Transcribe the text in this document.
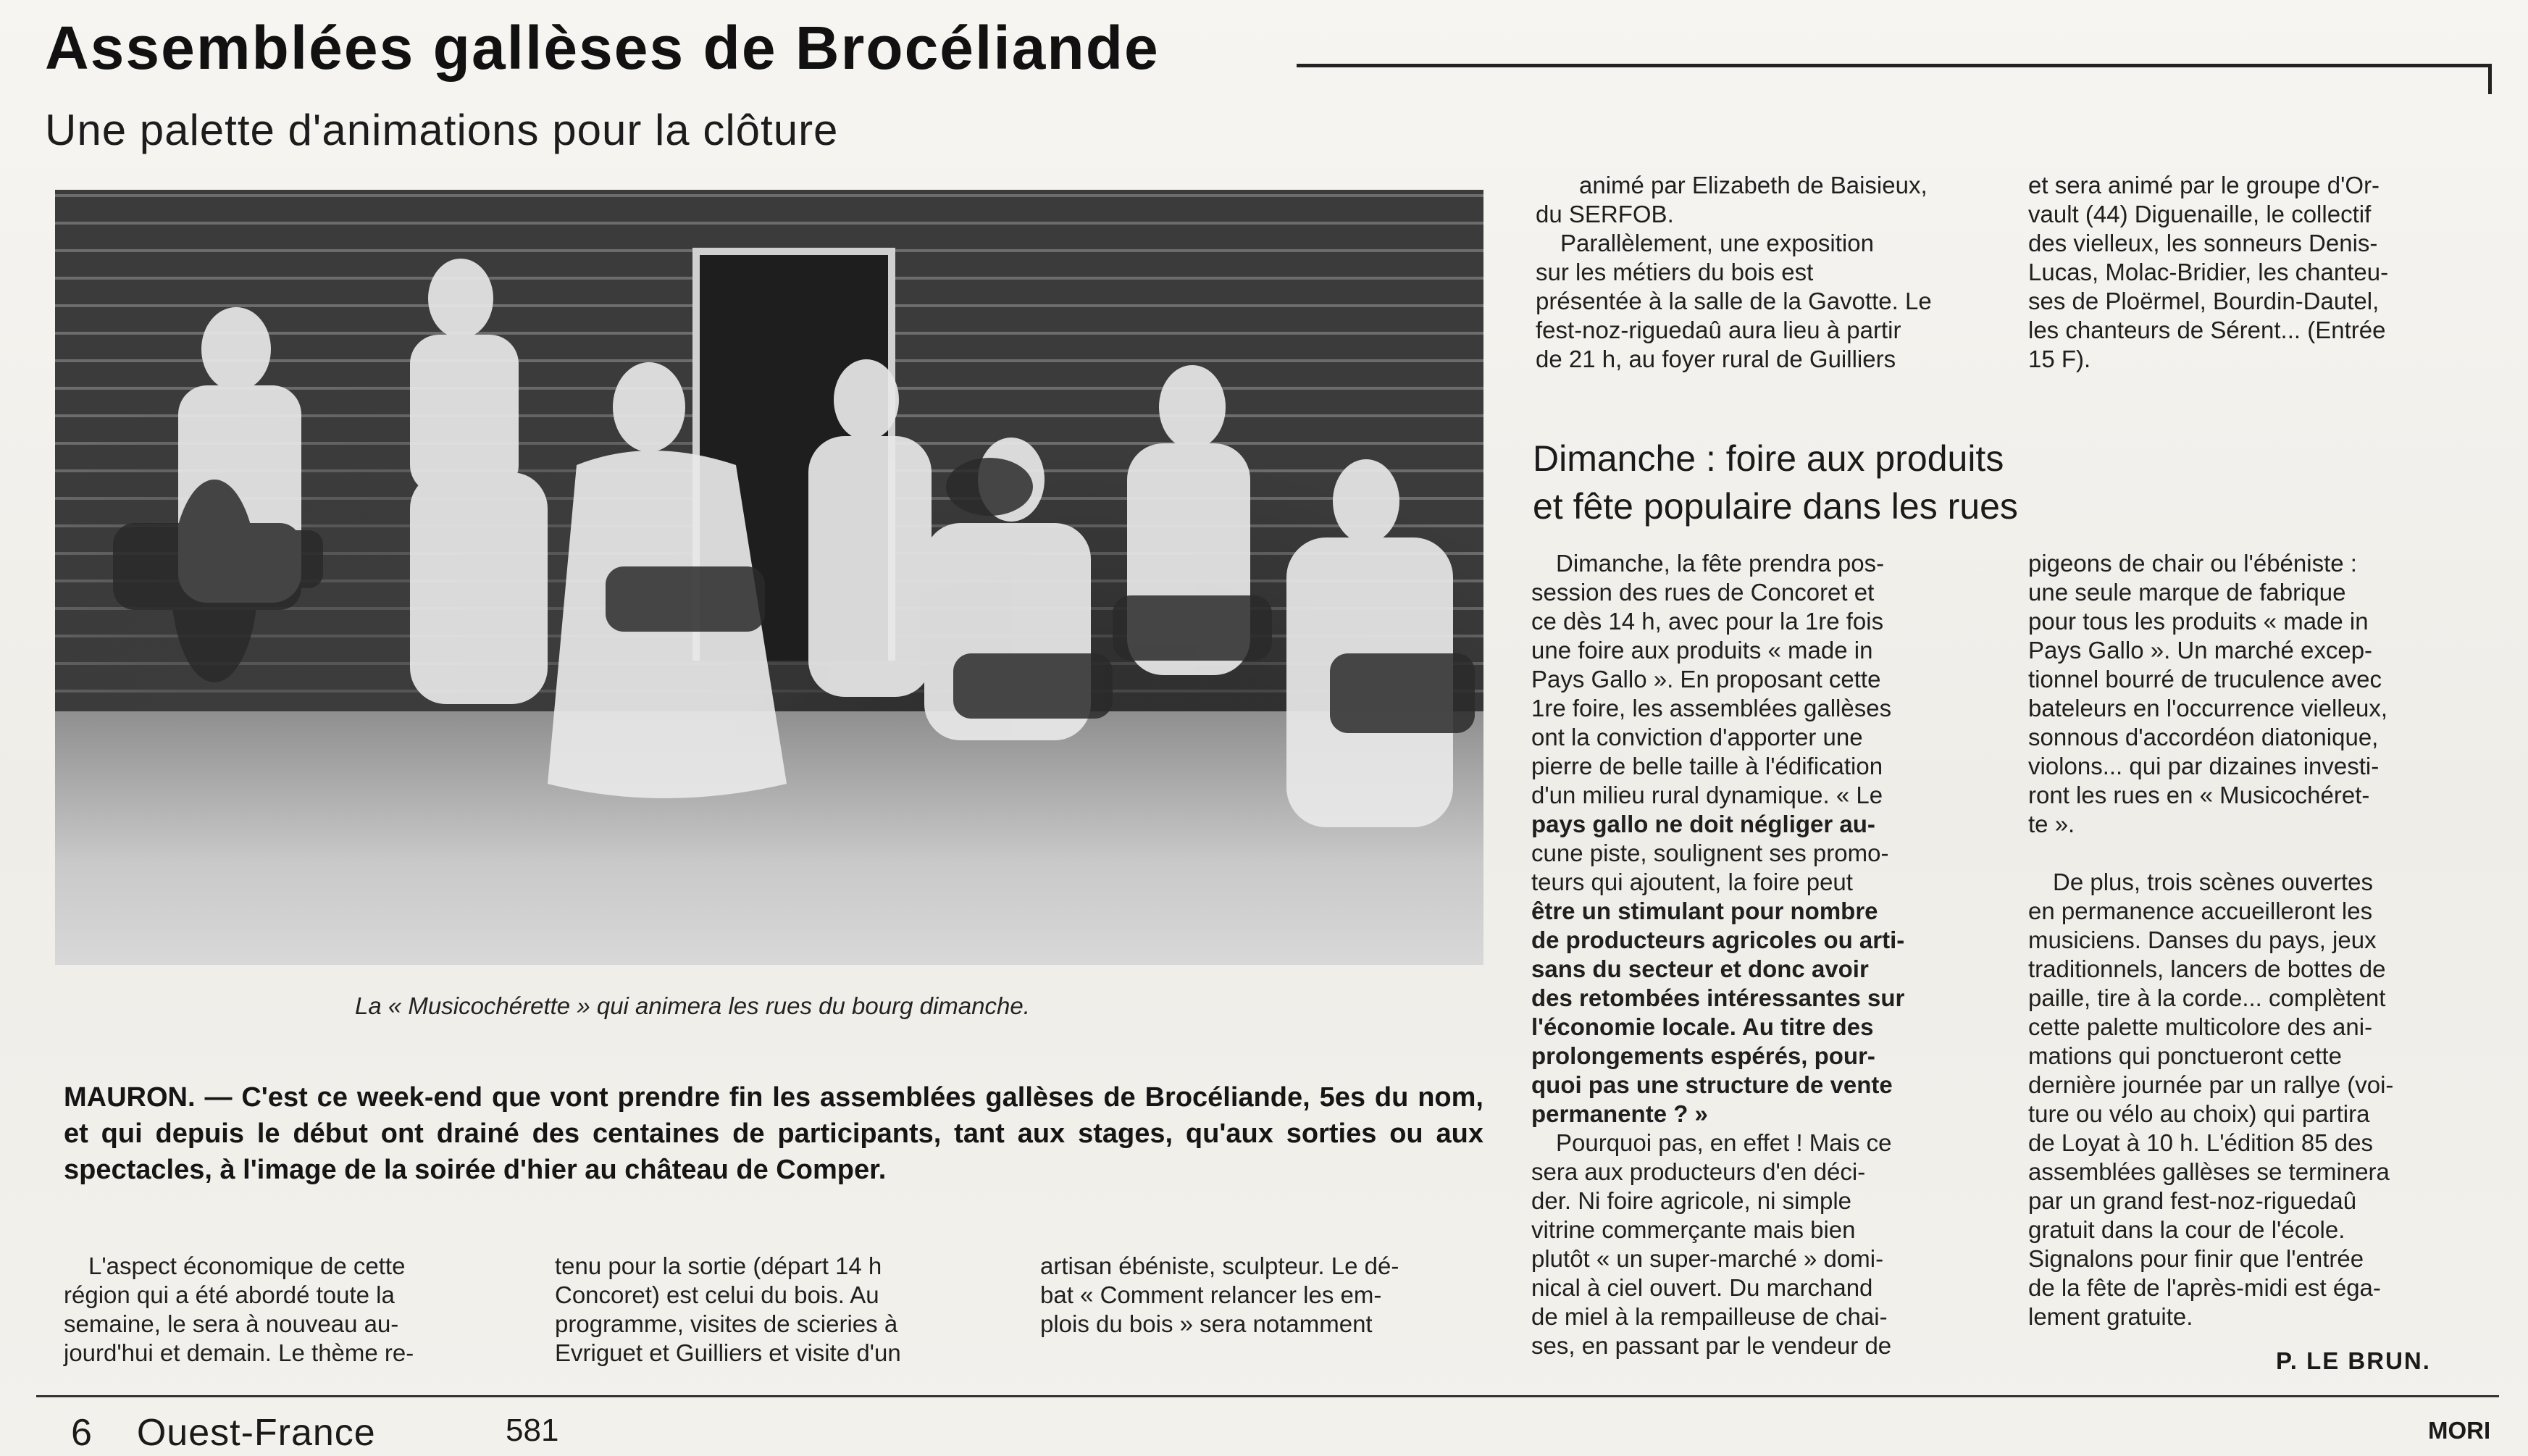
Assemblées gallèses de Brocéliande
Une palette d'animations pour la clôture
La « Musicochérette » qui animera les rues du bourg dimanche.
MAURON. — C'est ce week-end que vont prendre fin les assemblées gallèses de Brocéliande, 5es du nom, et qui depuis le début ont drainé des centaines de participants, tant aux stages, qu'aux sorties ou aux spectacles, à l'image de la soirée d'hier au château de Comper.
L'aspect économique de cette
région qui a été abordé toute la
semaine, le sera à nouveau au-
jourd'hui et demain. Le thème re-
tenu pour la sortie (départ 14 h
Concoret) est celui du bois. Au
programme, visites de scieries à
Evriguet et Guilliers et visite d'un
artisan ébéniste, sculpteur. Le dé-
bat « Comment relancer les em-
plois du bois » sera notamment
animé par Elizabeth de Baisieux,
du SERFOB.
Parallèlement, une exposition
sur les métiers du bois est
présentée à la salle de la Gavotte. Le
fest-noz-riguedaû aura lieu à partir
de 21 h, au foyer rural de Guilliers
et sera animé par le groupe d'Or-
vault (44) Diguenaille, le collectif
des vielleux, les sonneurs Denis-
Lucas, Molac-Bridier, les chanteu-
ses de Ploërmel, Bourdin-Dautel,
les chanteurs de Sérent... (Entrée
15 F).
Dimanche : foire aux produits
et fête populaire dans les rues
Dimanche, la fête prendra pos-
session des rues de Concoret et
ce dès 14 h, avec pour la 1re fois
une foire aux produits « made in
Pays Gallo ». En proposant cette
1re foire, les assemblées gallèses
ont la conviction d'apporter une
pierre de belle taille à l'édification
d'un milieu rural dynamique. « Le
pays gallo ne doit négliger au-
cune piste, soulignent ses promo-
teurs qui ajoutent, la foire peut
être un stimulant pour nombre
de producteurs agricoles ou arti-
sans du secteur et donc avoir
des retombées intéressantes sur
l'économie locale. Au titre des
prolongements espérés, pour-
quoi pas une structure de vente
permanente ? »
Pourquoi pas, en effet ! Mais ce
sera aux producteurs d'en déci-
der. Ni foire agricole, ni simple
vitrine commerçante mais bien
plutôt « un super-marché » domi-
nical à ciel ouvert. Du marchand
de miel à la rempailleuse de chai-
ses, en passant par le vendeur de
pigeons de chair ou l'ébéniste :
une seule marque de fabrique
pour tous les produits « made in
Pays Gallo ». Un marché excep-
tionnel bourré de truculence avec
bateleurs en l'occurrence vielleux,
sonnous d'accordéon diatonique,
violons... qui par dizaines investi-
ront les rues en « Musicochéret-
te ».
De plus, trois scènes ouvertes
en permanence accueilleront les
musiciens. Danses du pays, jeux
traditionnels, lancers de bottes de
paille, tire à la corde... complètent
cette palette multicolore des ani-
mations qui ponctueront cette
dernière journée par un rallye (voi-
ture ou vélo au choix) qui partira
de Loyat à 10 h. L'édition 85 des
assemblées gallèses se terminera
par un grand fest-noz-riguedaû
gratuit dans la cour de l'école.
Signalons pour finir que l'entrée
de la fête de l'après-midi est éga-
lement gratuite.
P. LE BRUN.
6 Ouest-France	581	MORI
